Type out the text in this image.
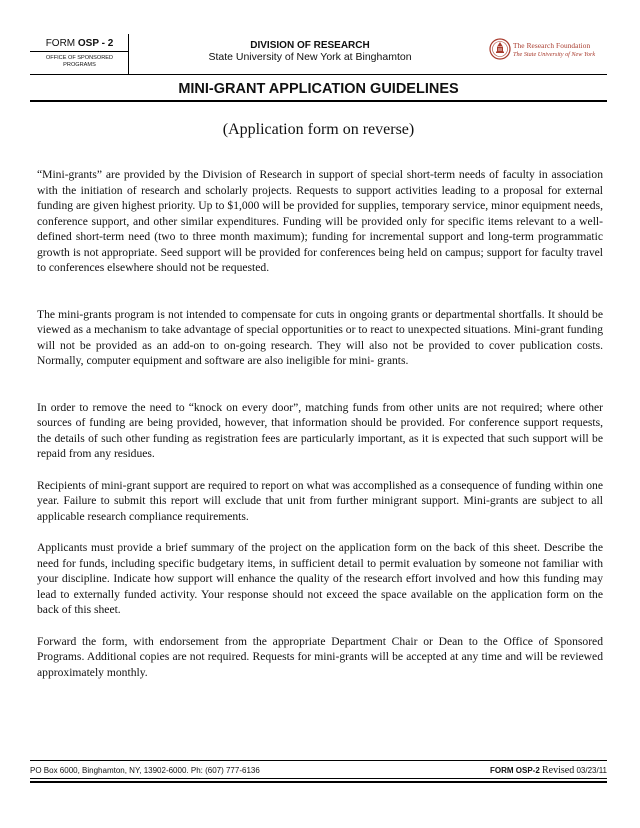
FORM OSP - 2
OFFICE OF SPONSORED PROGRAMS
DIVISION OF RESEARCH
State University of New York at Binghamton
The Research Foundation
The State University of New York
MINI-GRANT APPLICATION GUIDELINES
(Application form on reverse)

“Mini-grants” are provided by the Division of Research in support of special short-term needs of faculty in association with the initiation of research and scholarly projects. Requests to support activities leading to a proposal for external funding are given highest priority. Up to $1,000 will be provided for supplies, temporary service, minor equipment needs, conference support, and other similar expenditures. Funding will be provided only for specific items relevant to a well-defined short-term need (two to three month maximum); funding for incremental support and long-term programmatic growth is not appropriate. Seed support will be provided for conferences being held on campus; support for faculty travel to conferences elsewhere should not be requested.

The mini-grants program is not intended to compensate for cuts in ongoing grants or departmental shortfalls. It should be viewed as a mechanism to take advantage of special opportunities or to react to unexpected situations. Mini-grant funding will not be provided as an add-on to on-going research. They will also not be provided to cover publication costs. Normally, computer equipment and software are also ineligible for mini- grants.

In order to remove the need to “knock on every door”, matching funds from other units are not required; where other sources of funding are being provided, however, that information should be provided. For conference support requests, the details of such other funding as registration fees are particularly important, as it is expected that such support will be repaid from any residues.

Recipients of mini-grant support are required to report on what was accomplished as a consequence of funding within one year. Failure to submit this report will exclude that unit from further minigrant support. Mini-grants are subject to all applicable research compliance requirements.

Applicants must provide a brief summary of the project on the application form on the back of this sheet. Describe the need for funds, including specific budgetary items, in sufficient detail to permit evaluation by someone not familiar with your discipline. Indicate how support will enhance the quality of the research effort involved and how this funding may lead to externally funded activity. Your response should not exceed the space available on the application form on the back of this sheet.

Forward the form, with endorsement from the appropriate Department Chair or Dean to the Office of Sponsored Programs. Additional copies are not required. Requests for mini-grants will be accepted at any time and will be reviewed approximately monthly.

PO Box 6000, Binghamton, NY, 13902-6000. Ph: (607) 777-6136	FORM OSP-2 Revised 03/23/11
